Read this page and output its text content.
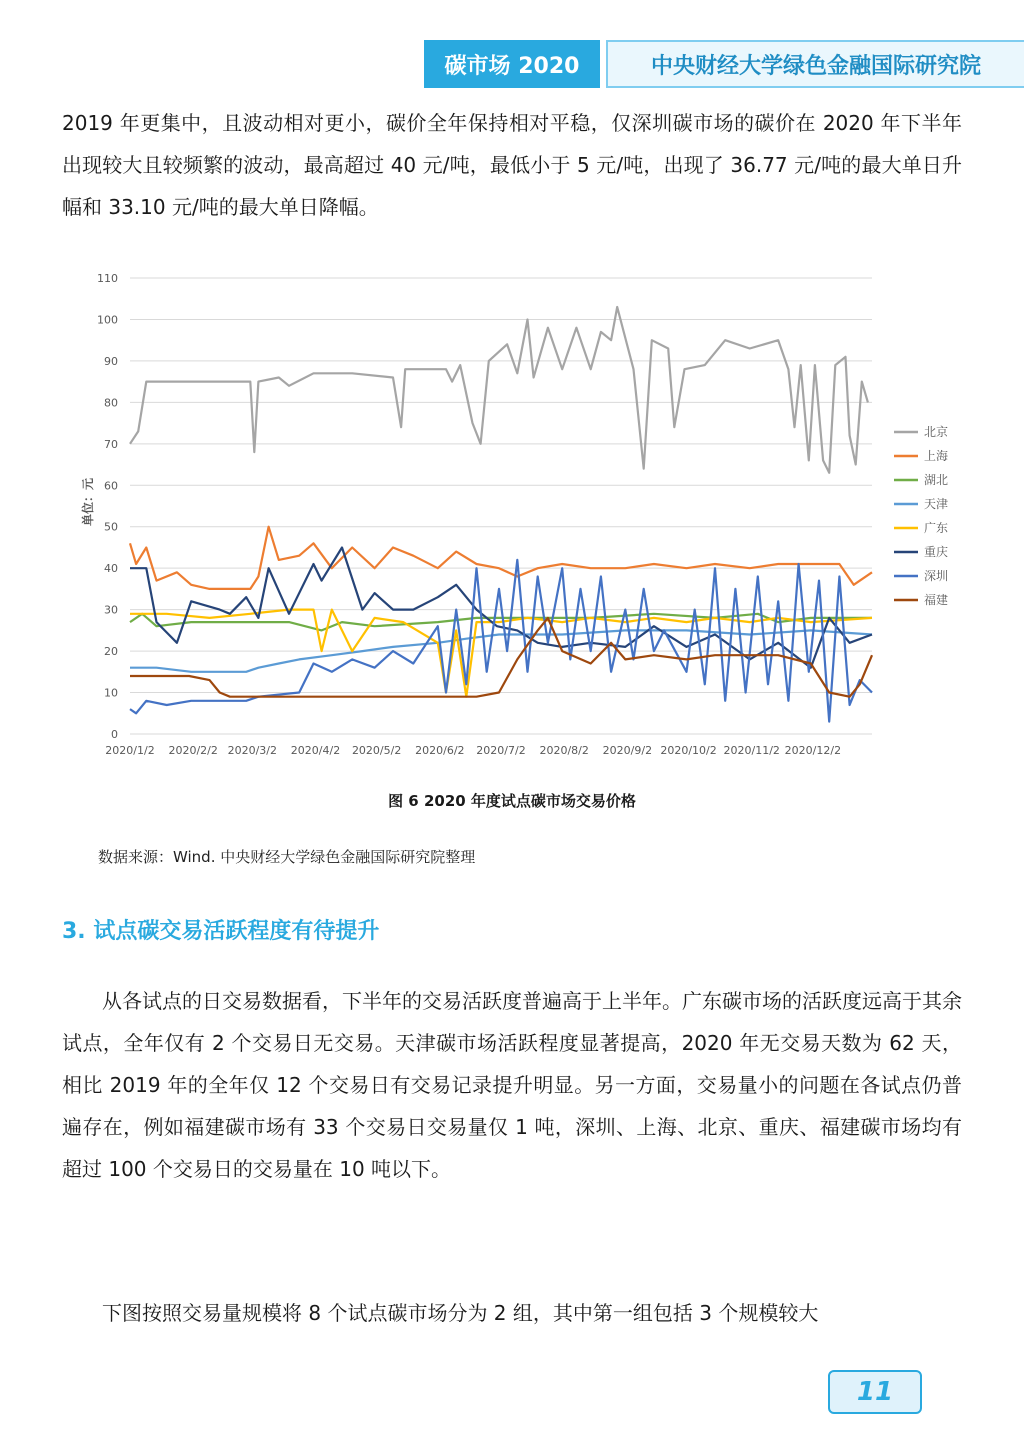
碳市场 2020	中央财经大学绿色金融国际研究院

2019 年更集中，且波动相对更小，碳价全年保持相对平稳，仅深圳碳市场的碳价在 2020 年下半年出现较大且较频繁的波动，最高超过 40 元/吨，最低小于 5 元/吨，出现了 36.77 元/吨的最大单日升幅和 33.10 元/吨的最大单日降幅。

0
10
20
30
40
50
60
70
80
90
100
110
2020/1/2 2020/2/2 2020/3/2 2020/4/2 2020/5/2 2020/6/2 2020/7/2 2020/8/2 2020/9/2 2020/10/2 2020/11/2 2020/12/2
北京
上海
湖北
天津
广东
重庆
深圳
福建
单位：元
图 6 2020 年度试点碳市场交易价格
数据来源：Wind. 中央财经大学绿色金融国际研究院整理
3. 试点碳交易活跃程度有待提升

从各试点的日交易数据看，下半年的交易活跃度普遍高于上半年。广东碳市场的活跃度远高于其余试点，全年仅有 2 个交易日无交易。天津碳市场活跃程度显著提高，2020 年无交易天数为 62 天，相比 2019 年的全年仅 12 个交易日有交易记录提升明显。另一方面，交易量小的问题在各试点仍普遍存在，例如福建碳市场有 33 个交易日交易量仅 1 吨，深圳、上海、北京、重庆、福建碳市场均有超过 100 个交易日的交易量在 10 吨以下。

下图按照交易量规模将 8 个试点碳市场分为 2 组，其中第一组包括 3 个规模较大

11
